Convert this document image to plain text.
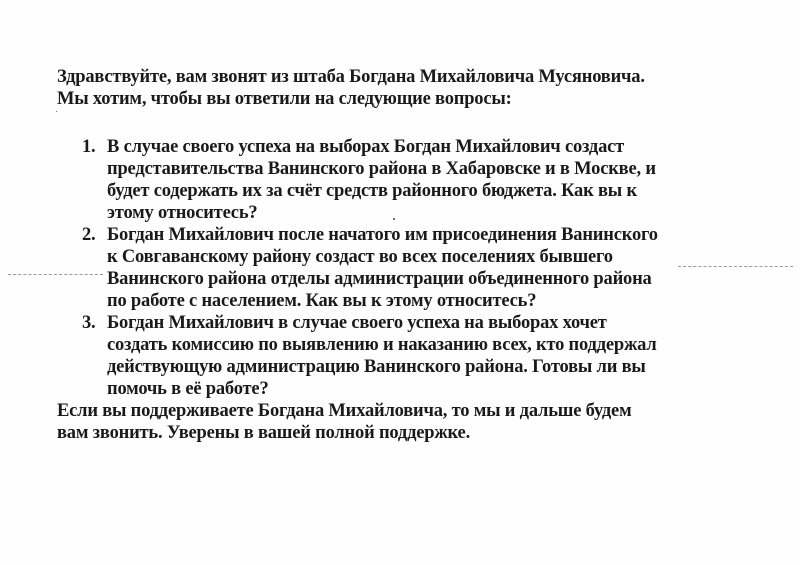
Здравствуйте, вам звонят из штаба Богдана Михайловича Мусяновича.

Мы хотим, чтобы вы ответили на следующие вопросы:

1. В случае своего успеха на выборах Богдан Михайлович создаст
представительства Ванинского района в Хабаровске и в Москве, и
будет содержать их за счёт средств районного бюджета. Как вы к
этому относитесь?
2. Богдан Михайлович после начатого им присоединения Ванинского
к Совгаванскому району создаст во всех поселениях бывшего
Ванинского района отделы администрации объединенного района
по работе с населением. Как вы к этому относитесь?
3. Богдан Михайлович в случае своего успеха на выборах хочет
создать комиссию по выявлению и наказанию всех, кто поддержал
действующую администрацию Ванинского района. Готовы ли вы
помочь в её работе?

Если вы поддерживаете Богдана Михайловича, то мы и дальше будем

вам звонить. Уверены в вашей полной поддержке.
